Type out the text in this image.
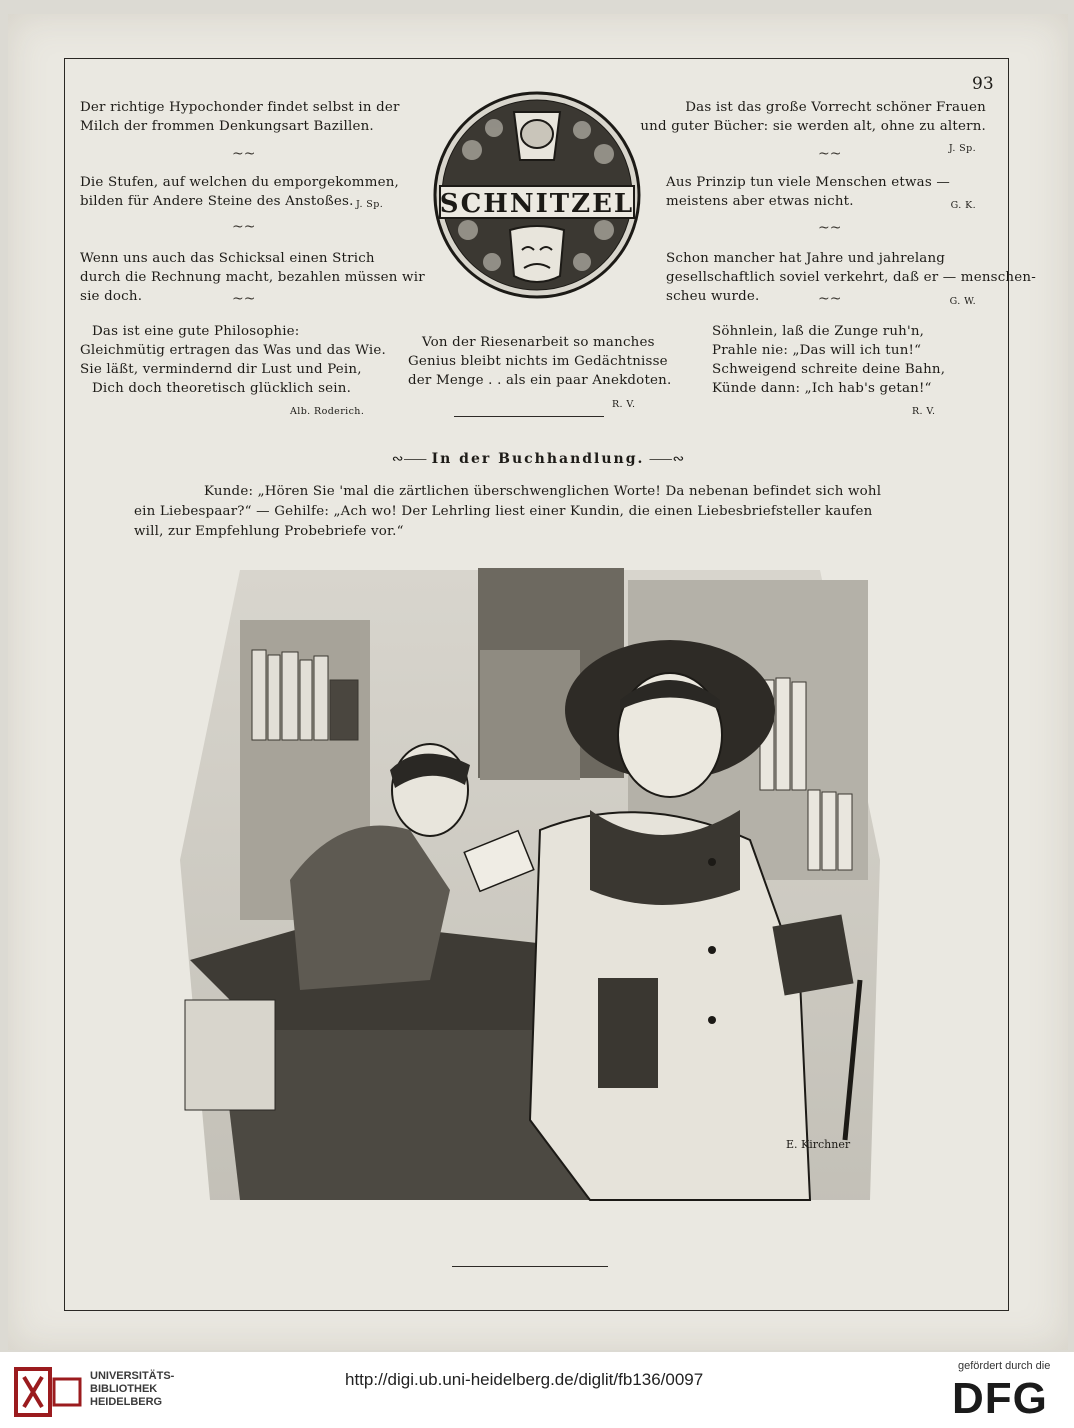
93
Der richtige Hypochonder findet selbst in der
Milch der frommen Denkungsart Bazillen.
~~
Die Stufen, auf welchen du emporgekommen,
bilden für Andere Steine des Anstoßes. J. Sp.
~~
Wenn uns auch das Schicksal einen Strich
durch die Rechnung macht, bezahlen müssen wir
sie doch.	~~
SCHNITZEL
Das ist das große Vorrecht schöner Frauen
und guter Bücher: sie werden alt, ohne zu altern.
J. Sp.
~~
Aus Prinzip tun viele Menschen etwas —
meistens aber etwas nicht.	G. K.
~~
Schon mancher hat Jahre und jahrelang
gesellschaftlich soviel verkehrt, daß er — menschen-
scheu wurde.	~~	G. W.
Das ist eine gute Philosophie:
Gleichmütig ertragen das Was und das Wie.
Sie läßt, vermindernd dir Lust und Pein,
Dich doch theoretisch glücklich sein.
Alb. Roderich.
Von der Riesenarbeit so manches
Genius bleibt nichts im Gedächtnisse
der Menge . . als ein paar Anekdoten.
R. V.
Söhnlein, laß die Zunge ruh'n,
Prahle nie: „Das will ich tun!“
Schweigend schreite deine Bahn,
Künde dann: „Ich hab's getan!“
R. V.
∾⸺ In der Buchhandlung. ⸺∾
Kunde: „Hören Sie 'mal die zärtlichen überschwenglichen Worte! Da nebenan befindet sich wohl
ein Liebespaar?“ — Gehilfe: „Ach wo! Der Lehrling liest einer Kundin, die einen Liebesbriefsteller kaufen
will, zur Empfehlung Probebriefe vor.“
E. Kirchner
UNIVERSITÄTS-
BIBLIOTHEK
HEIDELBERG
http://digi.ub.uni-heidelberg.de/diglit/fb136/0097
gefördert durch die
DFG
